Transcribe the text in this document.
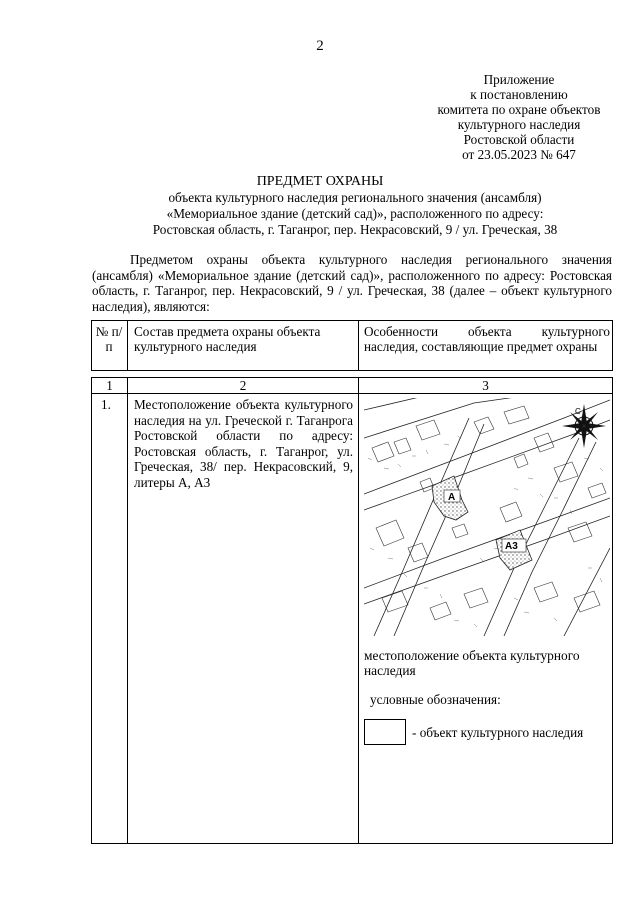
2
Приложение
к постановлению
комитета по охране объектов
культурного наследия
Ростовской области
от 23.05.2023 № 647
ПРЕДМЕТ ОХРАНЫ
объекта культурного наследия регионального значения (ансамбля)
«Мемориальное здание (детский сад)», расположенного по адресу:
Ростовская область, г. Таганрог, пер. Некрасовский, 9 / ул. Греческая, 38
Предметом охраны объекта культурного наследия регионального значения (ансамбля) «Мемориальное здание (детский сад)», расположенного по адресу: Ростовская область, г. Таганрог, пер. Некрасовский, 9 / ул. Греческая, 38 (далее – объект культурного наследия), являются:
№ п/п
Состав предмета охраны объекта культурного наследия
Особенности объекта культурного наследия, составляющие предмет охраны
1	2	3
1. Местоположение объекта культурного наследия на ул. Греческой г. Таганрога Ростовской области по адресу: Ростовская область, г. Таганрог, ул. Греческая, 38/ пер. Некрасовский, 9, литеры А, А3
А
А3
С
местоположение объекта культурного наследия
условные обозначения:
- объект культурного наследия
